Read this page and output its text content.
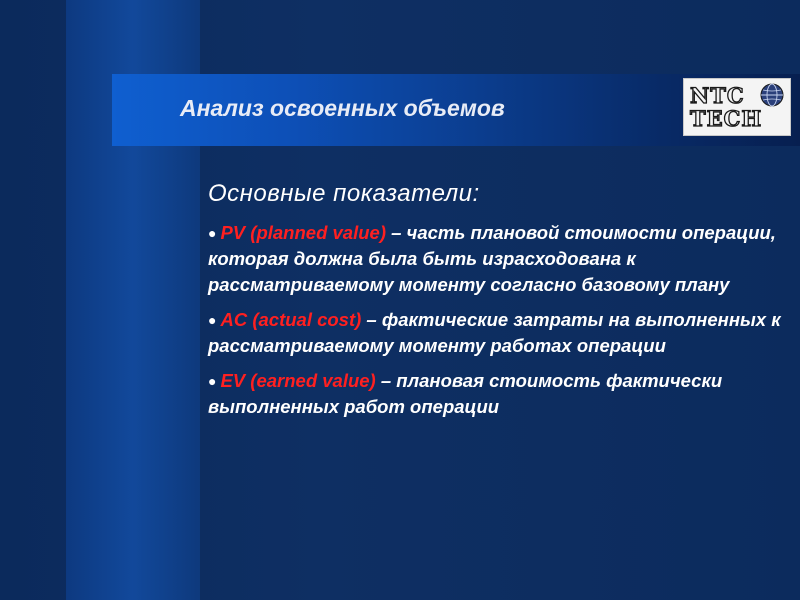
Анализ освоенных объемов	NTC
TECH
Основные показатели:
● PV (planned value) – часть плановой стоимости операции, которая должна была быть израсходована к рассматриваемому моменту согласно базовому плану
● AC (actual cost) – фактические затраты на выполненных к рассматриваемому моменту работах операции
● EV (earned value) – плановая стоимость фактически выполненных работ операции
